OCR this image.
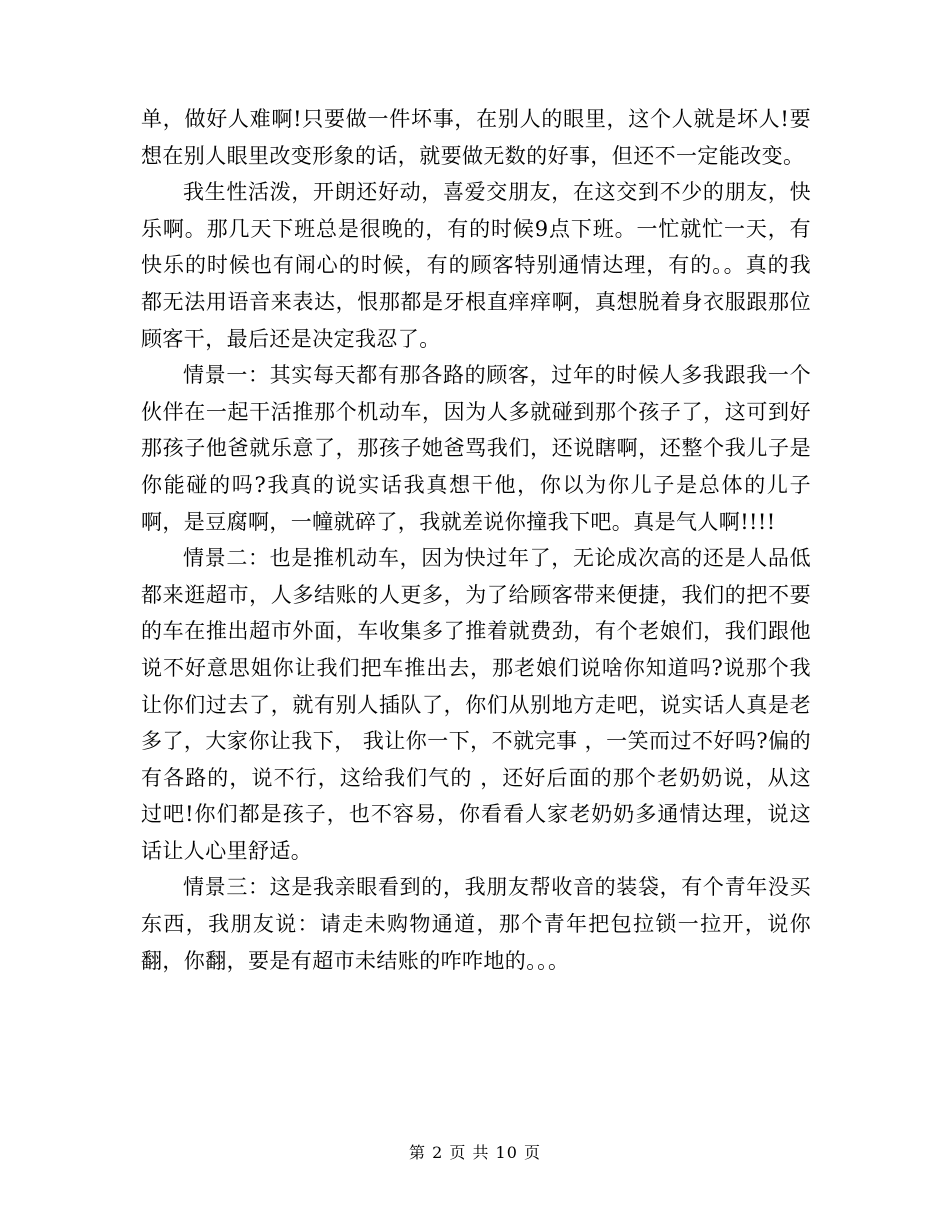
单，做好人难啊!只要做一件坏事，在别人的眼里，这个人就是坏人!要想在别人眼里改变形象的话，就要做无数的好事，但还不一定能改变。

我生性活泼，开朗还好动，喜爱交朋友，在这交到不少的朋友，快乐啊。那几天下班总是很晚的，有的时候9点下班。一忙就忙一天，有快乐的时候也有闹心的时候，有的顾客特别通情达理，有的。。真的我都无法用语音来表达，恨那都是牙根直痒痒啊，真想脱着身衣服跟那位顾客干，最后还是决定我忍了。

情景一：其实每天都有那各路的顾客，过年的时候人多我跟我一个伙伴在一起干活推那个机动车，因为人多就碰到那个孩子了，这可到好那孩子他爸就乐意了，那孩子她爸骂我们，还说瞎啊，还整个我儿子是你能碰的吗?我真的说实话我真想干他，你以为你儿子是总体的儿子啊，是豆腐啊，一幢就碎了，我就差说你撞我下吧。真是气人啊!!!!

情景二：也是推机动车，因为快过年了，无论成次高的还是人品低都来逛超市，人多结账的人更多，为了给顾客带来便捷，我们的把不要的车在推出超市外面，车收集多了推着就费劲，有个老娘们，我们跟他说不好意思姐你让我们把车推出去，那老娘们说啥你知道吗?说那个我让你们过去了，就有别人插队了，你们从别地方走吧，说实话人真是老多了，大家你让我下， 我让你一下，不就完事 ，一笑而过不好吗?偏的有各路的，说不行，这给我们气的 ，还好后面的那个老奶奶说，从这过吧!你们都是孩子，也不容易，你看看人家老奶奶多通情达理，说这话让人心里舒适。

情景三：这是我亲眼看到的，我朋友帮收音的装袋，有个青年没买东西，我朋友说：请走未购物通道，那个青年把包拉锁一拉开，说你翻，你翻，要是有超市未结账的咋咋地的。。。

第 2 页 共 10 页
